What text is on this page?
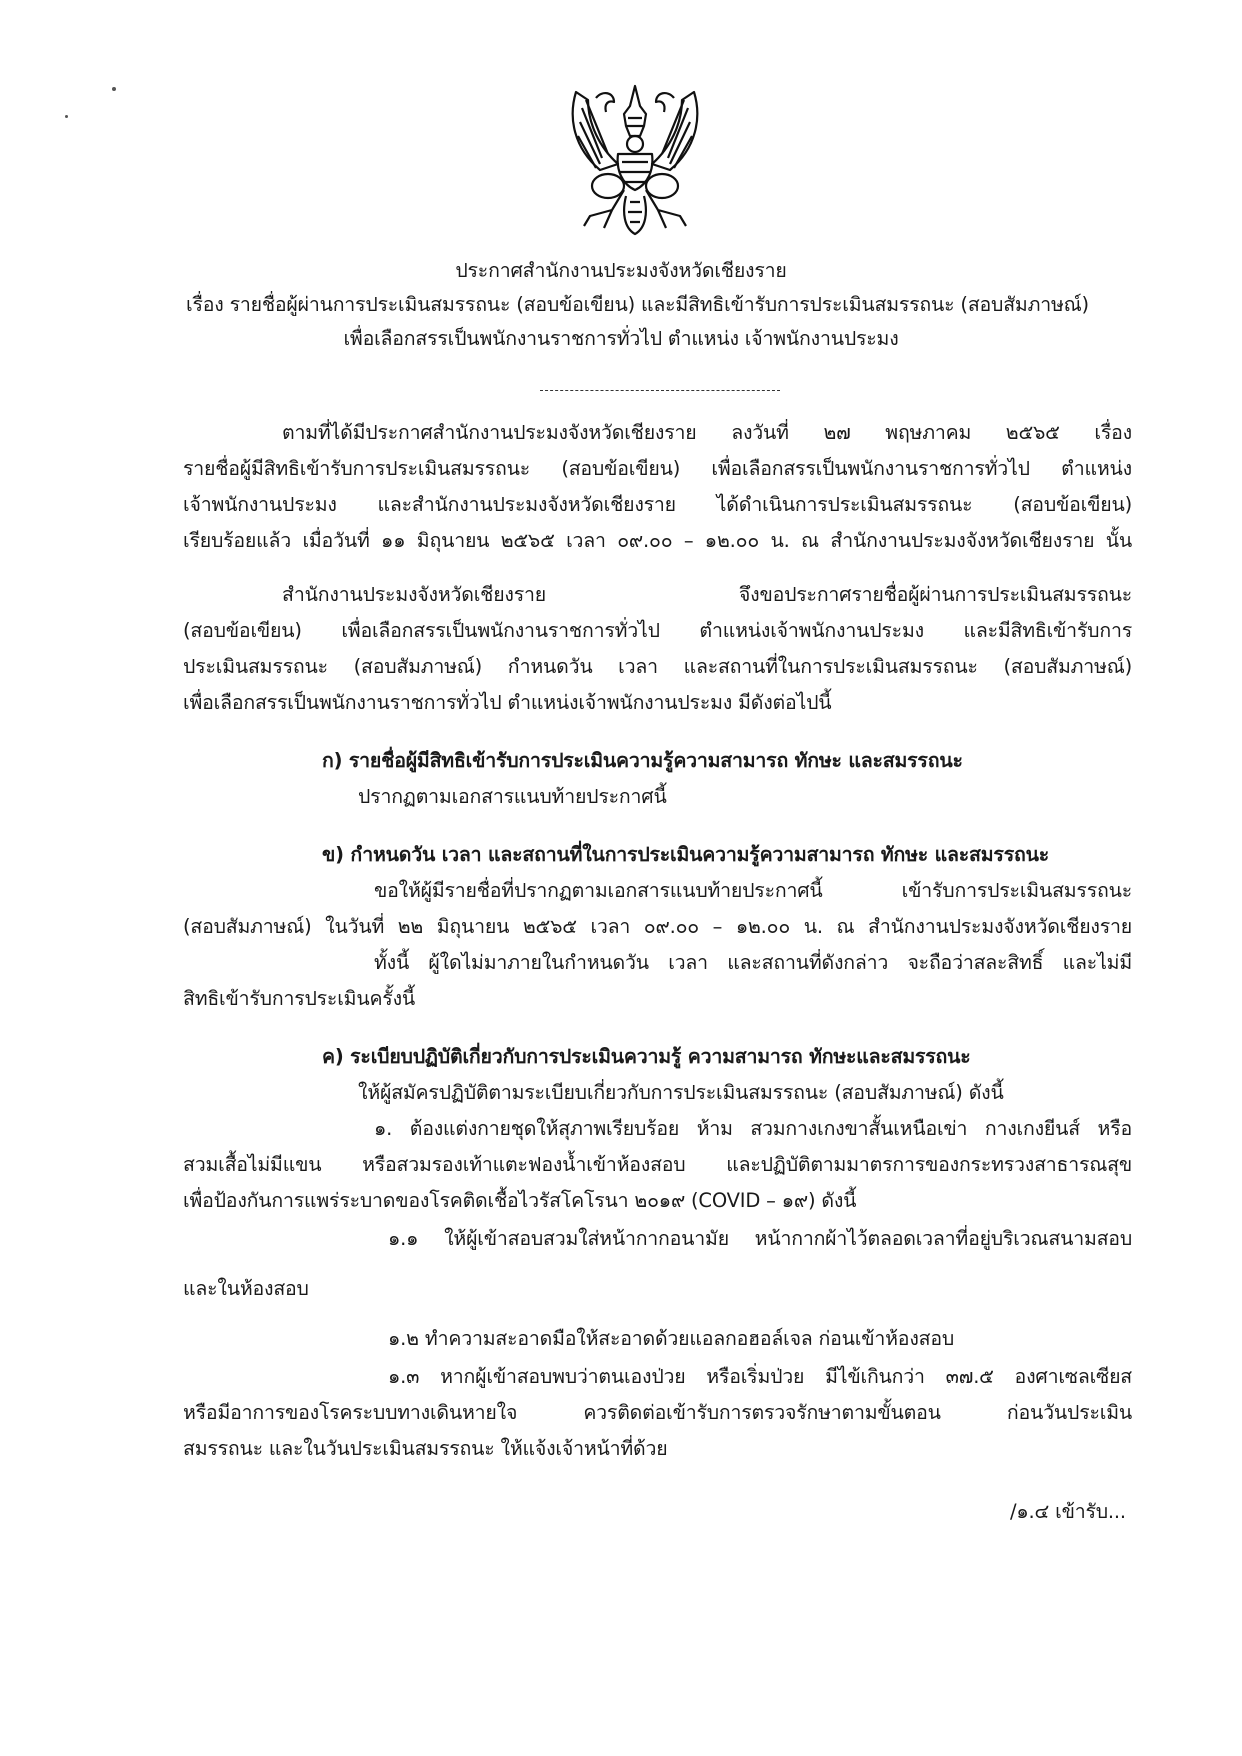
ประกาศสำนักงานประมงจังหวัดเชียงราย
เรื่อง รายชื่อผู้ผ่านการประเมินสมรรถนะ (สอบข้อเขียน) และมีสิทธิเข้ารับการประเมินสมรรถนะ (สอบสัมภาษณ์)
เพื่อเลือกสรรเป็นพนักงานราชการทั่วไป ตำแหน่ง เจ้าพนักงานประมง
ตามที่ได้มีประกาศสำนักงานประมงจังหวัดเชียงราย ลงวันที่ ๒๗ พฤษภาคม ๒๕๖๕ เรื่อง
รายชื่อผู้มีสิทธิเข้ารับการประเมินสมรรถนะ (สอบข้อเขียน) เพื่อเลือกสรรเป็นพนักงานราชการทั่วไป ตำแหน่ง
เจ้าพนักงานประมง และสำนักงานประมงจังหวัดเชียงราย ได้ดำเนินการประเมินสมรรถนะ (สอบข้อเขียน)
เรียบร้อยแล้ว เมื่อวันที่ ๑๑ มิถุนายน ๒๕๖๕ เวลา ๐๙.๐๐ – ๑๒.๐๐ น. ณ สำนักงานประมงจังหวัดเชียงราย นั้น
สำนักงานประมงจังหวัดเชียงราย จึงขอประกาศรายชื่อผู้ผ่านการประเมินสมรรถนะ
(สอบข้อเขียน) เพื่อเลือกสรรเป็นพนักงานราชการทั่วไป ตำแหน่งเจ้าพนักงานประมง และมีสิทธิเข้ารับการ
ประเมินสมรรถนะ (สอบสัมภาษณ์) กำหนดวัน เวลา และสถานที่ในการประเมินสมรรถนะ (สอบสัมภาษณ์)
เพื่อเลือกสรรเป็นพนักงานราชการทั่วไป ตำแหน่งเจ้าพนักงานประมง มีดังต่อไปนี้
ก) รายชื่อผู้มีสิทธิเข้ารับการประเมินความรู้ความสามารถ ทักษะ และสมรรถนะ
ปรากฏตามเอกสารแนบท้ายประกาศนี้
ข) กำหนดวัน เวลา และสถานที่ในการประเมินความรู้ความสามารถ ทักษะ และสมรรถนะ
ขอให้ผู้มีรายชื่อที่ปรากฏตามเอกสารแนบท้ายประกาศนี้ เข้ารับการประเมินสมรรถนะ
(สอบสัมภาษณ์) ในวันที่ ๒๒ มิถุนายน ๒๕๖๕ เวลา ๐๙.๐๐ – ๑๒.๐๐ น. ณ สำนักงานประมงจังหวัดเชียงราย
ทั้งนี้ ผู้ใดไม่มาภายในกำหนดวัน เวลา และสถานที่ดังกล่าว จะถือว่าสละสิทธิ์ และไม่มี
สิทธิเข้ารับการประเมินครั้งนี้
ค) ระเบียบปฏิบัติเกี่ยวกับการประเมินความรู้ ความสามารถ ทักษะและสมรรถนะ
ให้ผู้สมัครปฏิบัติตามระเบียบเกี่ยวกับการประเมินสมรรถนะ (สอบสัมภาษณ์) ดังนี้
๑. ต้องแต่งกายชุดให้สุภาพเรียบร้อย ห้าม สวมกางเกงขาสั้นเหนือเข่า กางเกงยีนส์ หรือ
สวมเสื้อไม่มีแขน หรือสวมรองเท้าแตะฟองน้ำเข้าห้องสอบ และปฏิบัติตามมาตรการของกระทรวงสาธารณสุข
เพื่อป้องกันการแพร่ระบาดของโรคติดเชื้อไวรัสโคโรนา ๒๐๑๙ (COVID – ๑๙) ดังนี้
๑.๑ ให้ผู้เข้าสอบสวมใส่หน้ากากอนามัย หน้ากากผ้าไว้ตลอดเวลาที่อยู่บริเวณสนามสอบ
และในห้องสอบ
๑.๒ ทำความสะอาดมือให้สะอาดด้วยแอลกอฮอล์เจล ก่อนเข้าห้องสอบ
๑.๓ หากผู้เข้าสอบพบว่าตนเองป่วย หรือเริ่มป่วย มีไข้เกินกว่า ๓๗.๕ องศาเซลเซียส
หรือมีอาการของโรคระบบทางเดินหายใจ ควรติดต่อเข้ารับการตรวจรักษาตามขั้นตอน ก่อนวันประเมิน
สมรรถนะ และในวันประเมินสมรรถนะ ให้แจ้งเจ้าหน้าที่ด้วย
/๑.๔ เข้ารับ...
